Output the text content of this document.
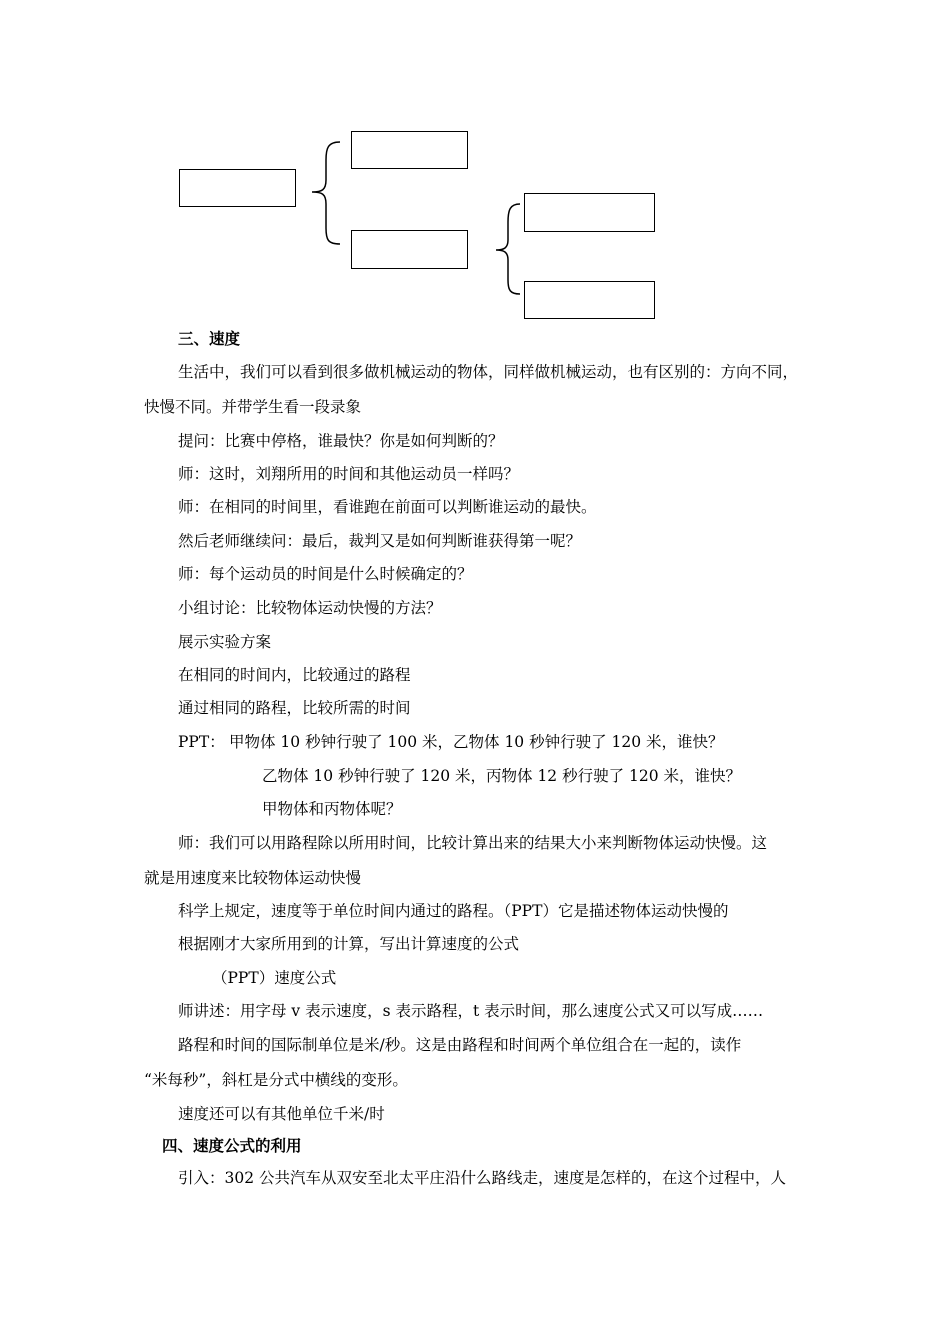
三、速度
生活中，我们可以看到很多做机械运动的物体，同样做机械运动，也有区别的：方向不同，
快慢不同。并带学生看一段录象
提问：比赛中停格，谁最快？你是如何判断的？
师：这时，刘翔所用的时间和其他运动员一样吗？
师：在相同的时间里，看谁跑在前面可以判断谁运动的最快。
然后老师继续问：最后，裁判又是如何判断谁获得第一呢？
师：每个运动员的时间是什么时候确定的？
小组讨论：比较物体运动快慢的方法？
展示实验方案
在相同的时间内，比较通过的路程
通过相同的路程，比较所需的时间
PPT： 甲物体 10 秒钟行驶了 100 米，乙物体 10 秒钟行驶了 120 米，谁快？
乙物体 10 秒钟行驶了 120 米，丙物体 12 秒行驶了 120 米，谁快？
甲物体和丙物体呢？
师：我们可以用路程除以所用时间，比较计算出来的结果大小来判断物体运动快慢。这
就是用速度来比较物体运动快慢
科学上规定，速度等于单位时间内通过的路程。（PPT）它是描述物体运动快慢的
根据刚才大家所用到的计算，写出计算速度的公式
（PPT）速度公式
师讲述：用字母 v 表示速度，s 表示路程，t 表示时间，那么速度公式又可以写成……
路程和时间的国际制单位是米/秒。这是由路程和时间两个单位组合在一起的，读作
“米每秒”，斜杠是分式中横线的变形。
速度还可以有其他单位千米/时
四、速度公式的利用
引入：302 公共汽车从双安至北太平庄沿什么路线走，速度是怎样的，在这个过程中，人
